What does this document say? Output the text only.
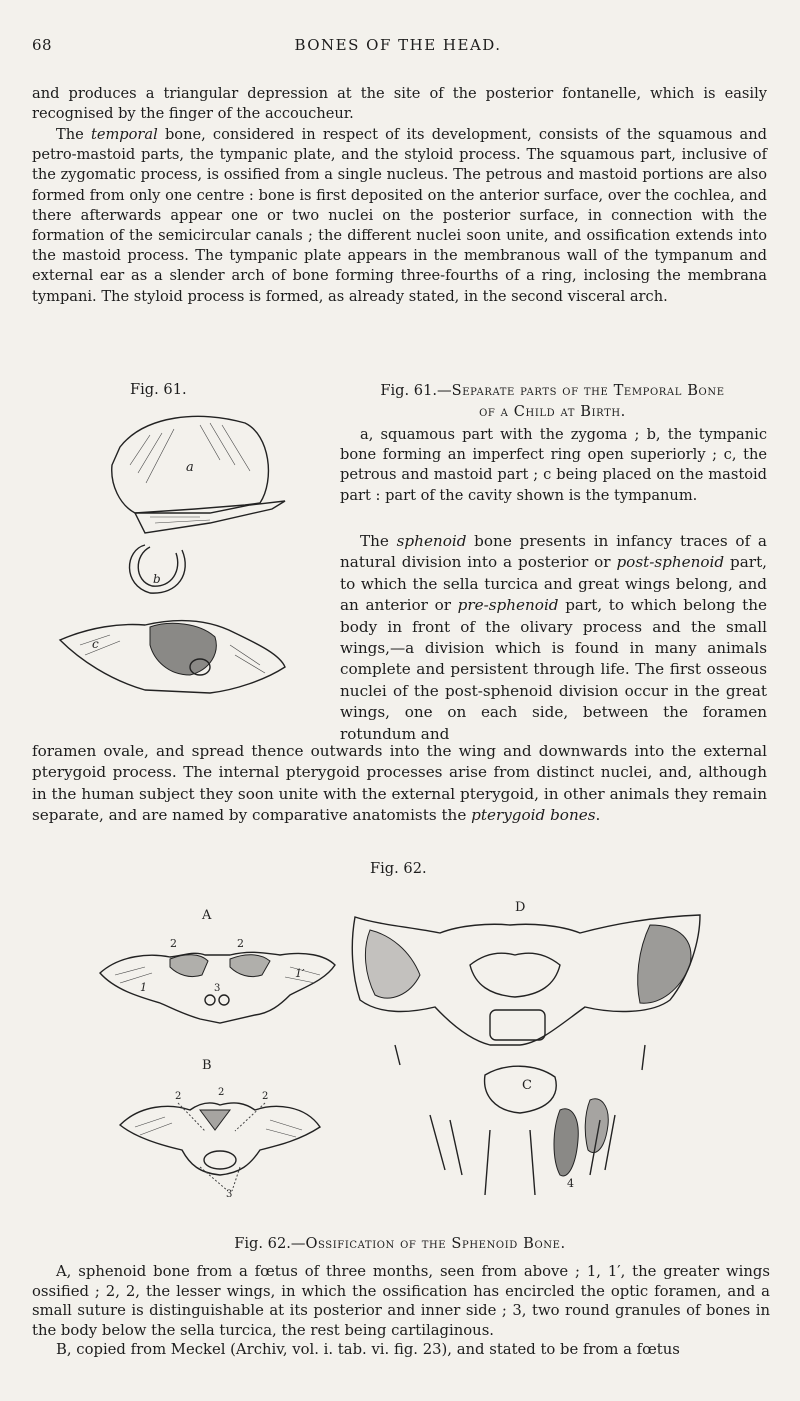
68	BONES OF THE HEAD.

and produces a triangular depression at the site of the posterior fontanelle, which is easily recognised by the finger of the accoucheur.

The temporal bone, considered in respect of its development, consists of the squamous and petro-mastoid parts, the tympanic plate, and the styloid process. The squamous part, inclusive of the zygomatic process, is ossified from a single nucleus. The petrous and mastoid portions are also formed from only one centre : bone is first deposited on the anterior surface, over the cochlea, and there afterwards appear one or two nuclei on the posterior surface, in connection with the formation of the semicircular canals ; the different nuclei soon unite, and ossification extends into the mastoid process. The tympanic plate appears in the membranous wall of the tympanum and external ear as a slender arch of bone forming three-fourths of a ring, inclosing the membrana tympani. The styloid process is formed, as already stated, in the second visceral arch.

Fig. 61.
a
b
c
Fig. 61.—Separate parts of the Temporal Bone
of a Child at Birth.

a, squamous part with the zygoma ; b, the tympanic bone forming an imperfect ring open superiorly ; c, the petrous and mastoid part ; c being placed on the mastoid part : part of the cavity shown is the tympanum.

The sphenoid bone presents in infancy traces of a natural division into a posterior or post-sphenoid part, to which the sella turcica and great wings belong, and an anterior or pre-sphenoid part, to which belong the body in front of the olivary process and the small wings,—a division which is found in many animals complete and persistent through life. The first osseous nuclei of the post-sphenoid division occur in the great wings, one on each side, between the foramen rotundum and

foramen ovale, and spread thence outwards into the wing and downwards into the external pterygoid process. The internal pterygoid processes arise from distinct nuclei, and, although in the human subject they soon unite with the external pterygoid, in other animals they remain separate, and are named by comparative anatomists the pterygoid bones.

Fig. 62.
A
1
1′
2	2
3
B
2	2	2
3
D
C
4
Fig. 62.—Ossification of the Sphenoid Bone.

A, sphenoid bone from a fœtus of three months, seen from above ; 1, 1′, the greater wings ossified ; 2, 2, the lesser wings, in which the ossification has encircled the optic foramen, and a small suture is distinguishable at its posterior and inner side ; 3, two round granules of bones in the body below the sella turcica, the rest being cartilaginous.

B, copied from Meckel (Archiv, vol. i. tab. vi. fig. 23), and stated to be from a fœtus
